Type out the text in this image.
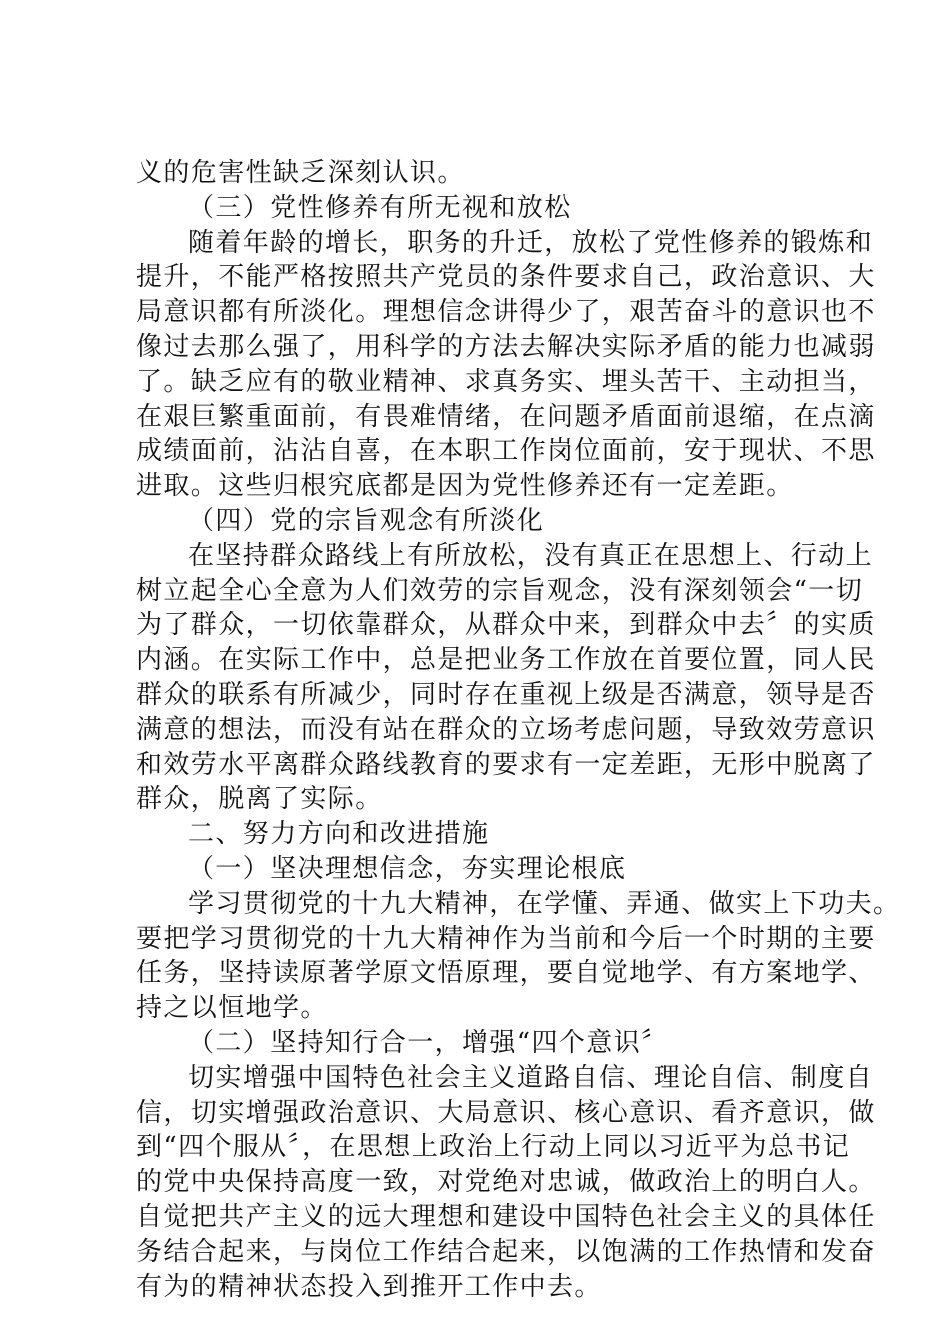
义的危害性缺乏深刻认识。
（三）党性修养有所无视和放松
随着年龄的增长，职务的升迁，放松了党性修养的锻炼和
提升，不能严格按照共产党员的条件要求自己，政治意识、大
局意识都有所淡化。理想信念讲得少了，艰苦奋斗的意识也不
像过去那么强了，用科学的方法去解决实际矛盾的能力也减弱
了。缺乏应有的敬业精神、求真务实、埋头苦干、主动担当，
在艰巨繁重面前，有畏难情绪，在问题矛盾面前退缩，在点滴
成绩面前，沾沾自喜，在本职工作岗位面前，安于现状、不思
进取。这些归根究底都是因为党性修养还有一定差距。
（四）党的宗旨观念有所淡化
在坚持群众路线上有所放松，没有真正在思想上、行动上
树立起全心全意为人们效劳的宗旨观念，没有深刻领会“一切
为了群众，一切依靠群众，从群众中来，到群众中去〞的实质
内涵。在实际工作中，总是把业务工作放在首要位置，同人民
群众的联系有所减少，同时存在重视上级是否满意，领导是否
满意的想法，而没有站在群众的立场考虑问题，导致效劳意识
和效劳水平离群众路线教育的要求有一定差距，无形中脱离了
群众，脱离了实际。
二、努力方向和改进措施
（一）坚决理想信念，夯实理论根底
学习贯彻党的十九大精神，在学懂、弄通、做实上下功夫。
要把学习贯彻党的十九大精神作为当前和今后一个时期的主要
任务，坚持读原著学原文悟原理，要自觉地学、有方案地学、
持之以恒地学。
（二）坚持知行合一，增强“四个意识〞
切实增强中国特色社会主义道路自信、理论自信、制度自
信，切实增强政治意识、大局意识、核心意识、看齐意识，做
到“四个服从〞，在思想上政治上行动上同以习近平为总书记
的党中央保持高度一致，对党绝对忠诚，做政治上的明白人。
自觉把共产主义的远大理想和建设中国特色社会主义的具体任
务结合起来，与岗位工作结合起来，以饱满的工作热情和发奋
有为的精神状态投入到推开工作中去。
